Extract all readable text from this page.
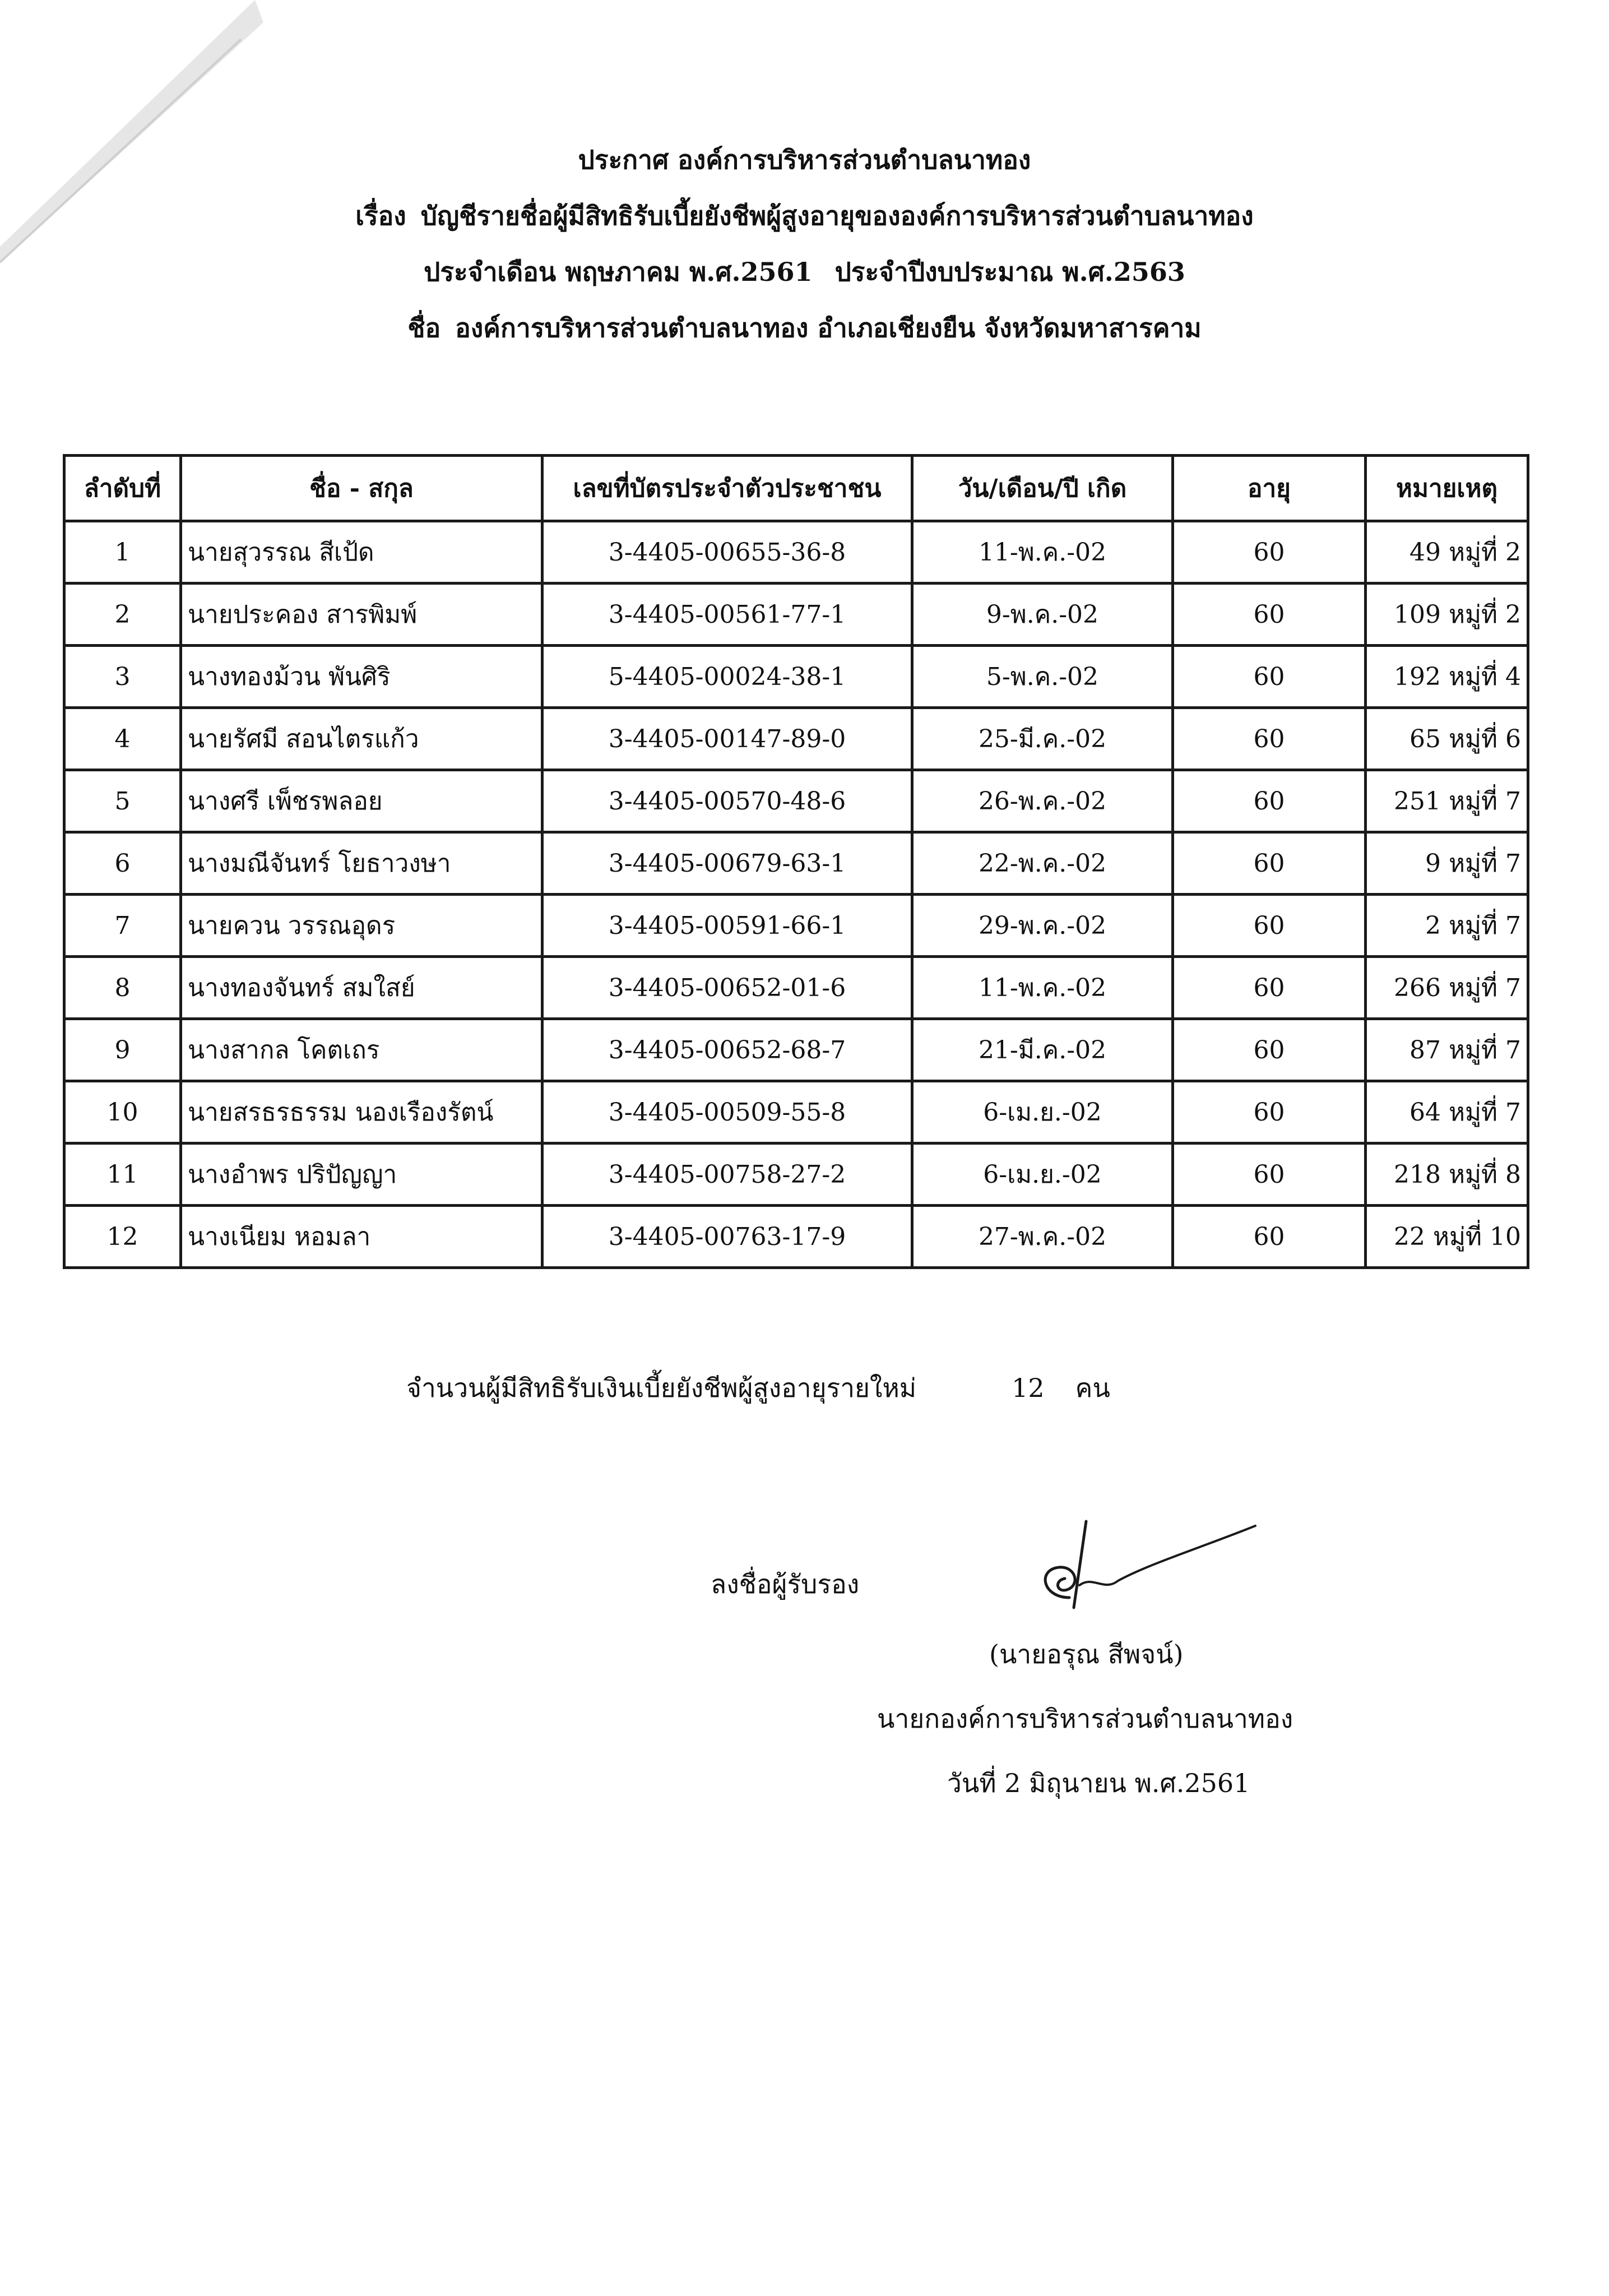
ประกาศ องค์การบริหารส่วนตำบลนาทอง
เรื่อง บัญชีรายชื่อผู้มีสิทธิรับเบี้ยยังชีพผู้สูงอายุขององค์การบริหารส่วนตำบลนาทอง
ประจำเดือน พฤษภาคม พ.ศ.2561 ประจำปีงบประมาณ พ.ศ.2563
ชื่อ องค์การบริหารส่วนตำบลนาทอง อำเภอเชียงยืน จังหวัดมหาสารคาม
ลำดับที่	ชื่อ - สกุล	เลขที่บัตรประจำตัวประชาชน	วัน/เดือน/ปี เกิด	อายุ	หมายเหตุ
1	นายสุวรรณ สีเป้ด	3-4405-00655-36-8	11-พ.ค.-02	60	49 หมู่ที่ 2
2	นายประคอง สารพิมพ์	3-4405-00561-77-1	9-พ.ค.-02	60	109 หมู่ที่ 2
3	นางทองม้วน พันศิริ	5-4405-00024-38-1	5-พ.ค.-02	60	192 หมู่ที่ 4
4	นายรัศมี สอนไตรแก้ว	3-4405-00147-89-0	25-มี.ค.-02	60	65 หมู่ที่ 6
5	นางศรี เพ็ชรพลอย	3-4405-00570-48-6	26-พ.ค.-02	60	251 หมู่ที่ 7
6	นางมณีจันทร์ โยธาวงษา	3-4405-00679-63-1	22-พ.ค.-02	60	9 หมู่ที่ 7
7	นายควน วรรณอุดร	3-4405-00591-66-1	29-พ.ค.-02	60	2 หมู่ที่ 7
8	นางทองจันทร์ สมใสย์	3-4405-00652-01-6	11-พ.ค.-02	60	266 หมู่ที่ 7
9	นางสากล โคตเถร	3-4405-00652-68-7	21-มี.ค.-02	60	87 หมู่ที่ 7
10	นายสรธรธรรม นองเรืองรัตน์	3-4405-00509-55-8	6-เม.ย.-02	60	64 หมู่ที่ 7
11	นางอำพร ปริปัญญา	3-4405-00758-27-2	6-เม.ย.-02	60	218 หมู่ที่ 8
12	นางเนียม หอมลา	3-4405-00763-17-9	27-พ.ค.-02	60	22 หมู่ที่ 10
จำนวนผู้มีสิทธิรับเงินเบี้ยยังชีพผู้สูงอายุรายใหม่	12 คน
ลงชื่อผู้รับรอง
(นายอรุณ สีพจน์)
นายกองค์การบริหารส่วนตำบลนาทอง
วันที่ 2 มิถุนายน พ.ศ.2561
